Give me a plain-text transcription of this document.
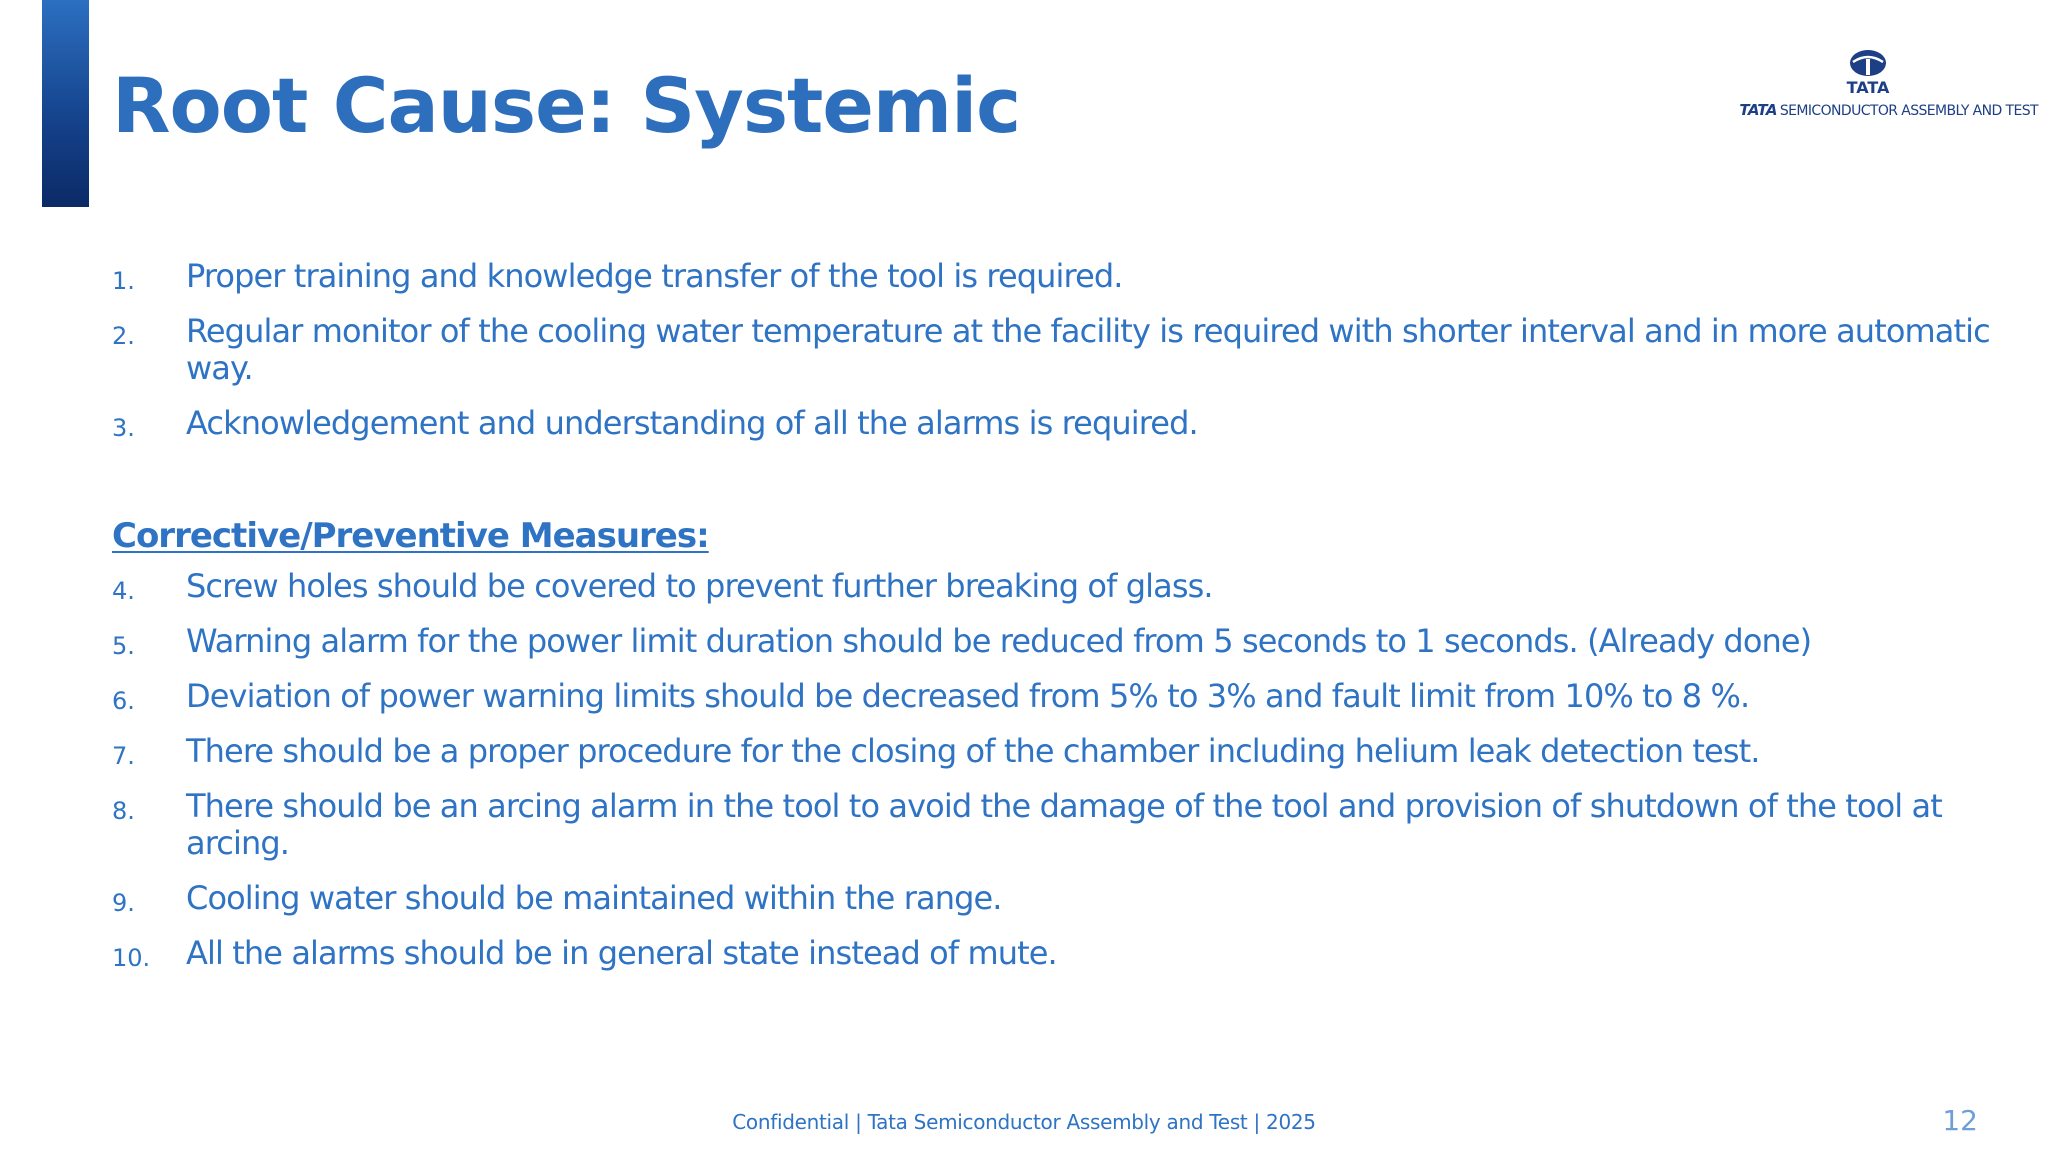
Root Cause: Systemic	TATA
TATA SEMICONDUCTOR ASSEMBLY AND TEST
1. Proper training and knowledge transfer of the tool is required.
2. Regular monitor of the cooling water temperature at the facility is required with shorter interval and in more automatic way.
3. Acknowledgement and understanding of all the alarms is required.
Corrective/Preventive Measures:
4. Screw holes should be covered to prevent further breaking of glass.
5. Warning alarm for the power limit duration should be reduced from 5 seconds to 1 seconds. (Already done)
6. Deviation of power warning limits should be decreased from 5% to 3% and fault limit from 10% to 8 %.
7. There should be a proper procedure for the closing of the chamber including helium leak detection test.
8. There should be an arcing alarm in the tool to avoid the damage of the tool and provision of shutdown of the tool at arcing.
9. Cooling water should be maintained within the range.
10. All the alarms should be in general state instead of mute.
Confidential | Tata Semiconductor Assembly and Test | 2025	12
